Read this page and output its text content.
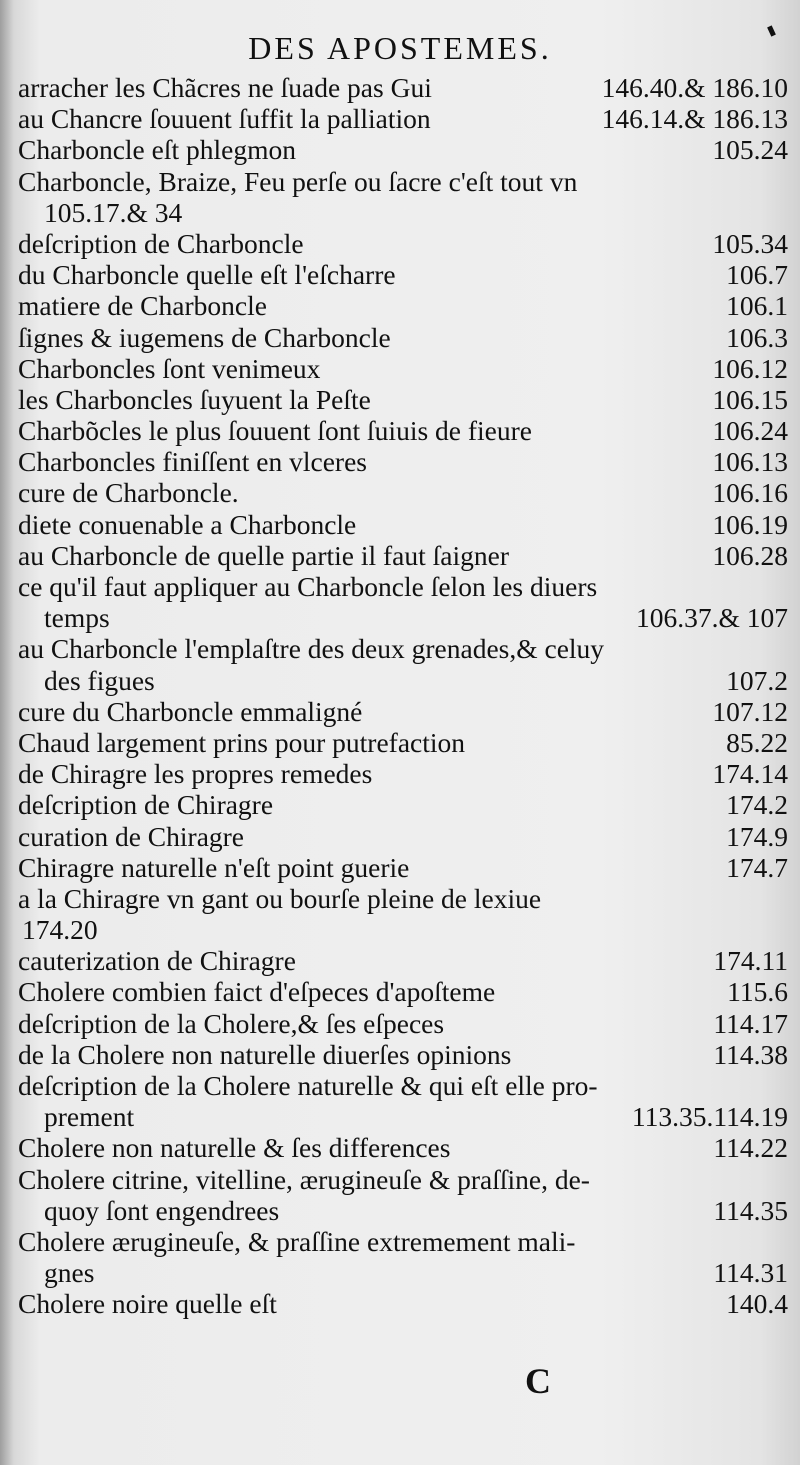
DES APOSTEMES.
arracher les Chãcres ne ſuade pas Gui	146.40.& 186.10
au Chancre ſouuent ſuffit la palliation	146.14.& 186.13
Charboncle eſt phlegmon	105.24
Charboncle, Braize, Feu perſe ou ſacre c'eſt tout vn
105.17.& 34
deſcription de Charboncle	105.34
du Charboncle quelle eſt l'eſcharre	106.7
matiere de Charboncle	106.1
ſignes & iugemens de Charboncle	106.3
Charboncles ſont venimeux	106.12
les Charboncles ſuyuent la Peſte	106.15
Charbõcles le plus ſouuent ſont ſuiuis de fieure	106.24
Charboncles finiſſent en vlceres	106.13
cure de Charboncle.	106.16
diete conuenable a Charboncle	106.19
au Charboncle de quelle partie il faut ſaigner	106.28
ce qu'il faut appliquer au Charboncle ſelon les diuers
temps	106.37.& 107
au Charboncle l'emplaſtre des deux grenades,& celuy
des figues	107.2
cure du Charboncle emmaligné	107.12
Chaud largement prins pour putrefaction	85.22
de Chiragre les propres remedes	174.14
deſcription de Chiragre	174.2
curation de Chiragre	174.9
Chiragre naturelle n'eſt point guerie	174.7
a la Chiragre vn gant ou bourſe pleine de lexiue
174.20
cauterization de Chiragre	174.11
Cholere combien faict d'eſpeces d'apoſteme	115.6
deſcription de la Cholere,& ſes eſpeces	114.17
de la Cholere non naturelle diuerſes opinions	114.38
deſcription de la Cholere naturelle & qui eſt elle pro-
prement	113.35.114.19
Cholere non naturelle & ſes differences	114.22
Cholere citrine, vitelline, ærugineuſe & praſſine, de-
quoy ſont engendrees	114.35
Cholere ærugineuſe, & praſſine extremement mali-
gnes	114.31
Cholere noire quelle eſt	140.4
C
